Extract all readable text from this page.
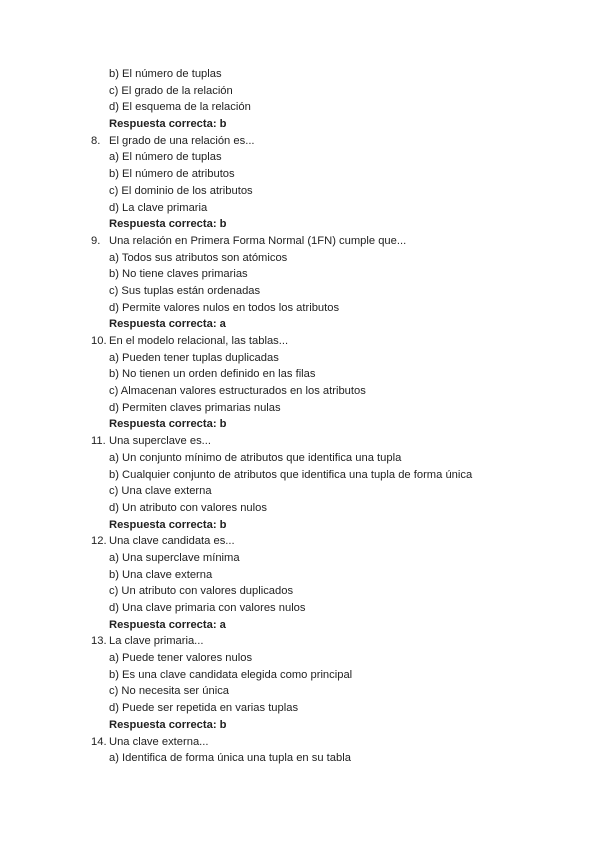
b) El número de tuplas
c) El grado de la relación
d) El esquema de la relación
Respuesta correcta: b
8. El grado de una relación es...
a) El número de tuplas
b) El número de atributos
c) El dominio de los atributos
d) La clave primaria
Respuesta correcta: b
9. Una relación en Primera Forma Normal (1FN) cumple que...
a) Todos sus atributos son atómicos
b) No tiene claves primarias
c) Sus tuplas están ordenadas
d) Permite valores nulos en todos los atributos
Respuesta correcta: a
10. En el modelo relacional, las tablas...
a) Pueden tener tuplas duplicadas
b) No tienen un orden definido en las filas
c) Almacenan valores estructurados en los atributos
d) Permiten claves primarias nulas
Respuesta correcta: b
11. Una superclave es...
a) Un conjunto mínimo de atributos que identifica una tupla
b) Cualquier conjunto de atributos que identifica una tupla de forma única
c) Una clave externa
d) Un atributo con valores nulos
Respuesta correcta: b
12. Una clave candidata es...
a) Una superclave mínima
b) Una clave externa
c) Un atributo con valores duplicados
d) Una clave primaria con valores nulos
Respuesta correcta: a
13. La clave primaria...
a) Puede tener valores nulos
b) Es una clave candidata elegida como principal
c) No necesita ser única
d) Puede ser repetida en varias tuplas
Respuesta correcta: b
14. Una clave externa...
a) Identifica de forma única una tupla en su tabla
